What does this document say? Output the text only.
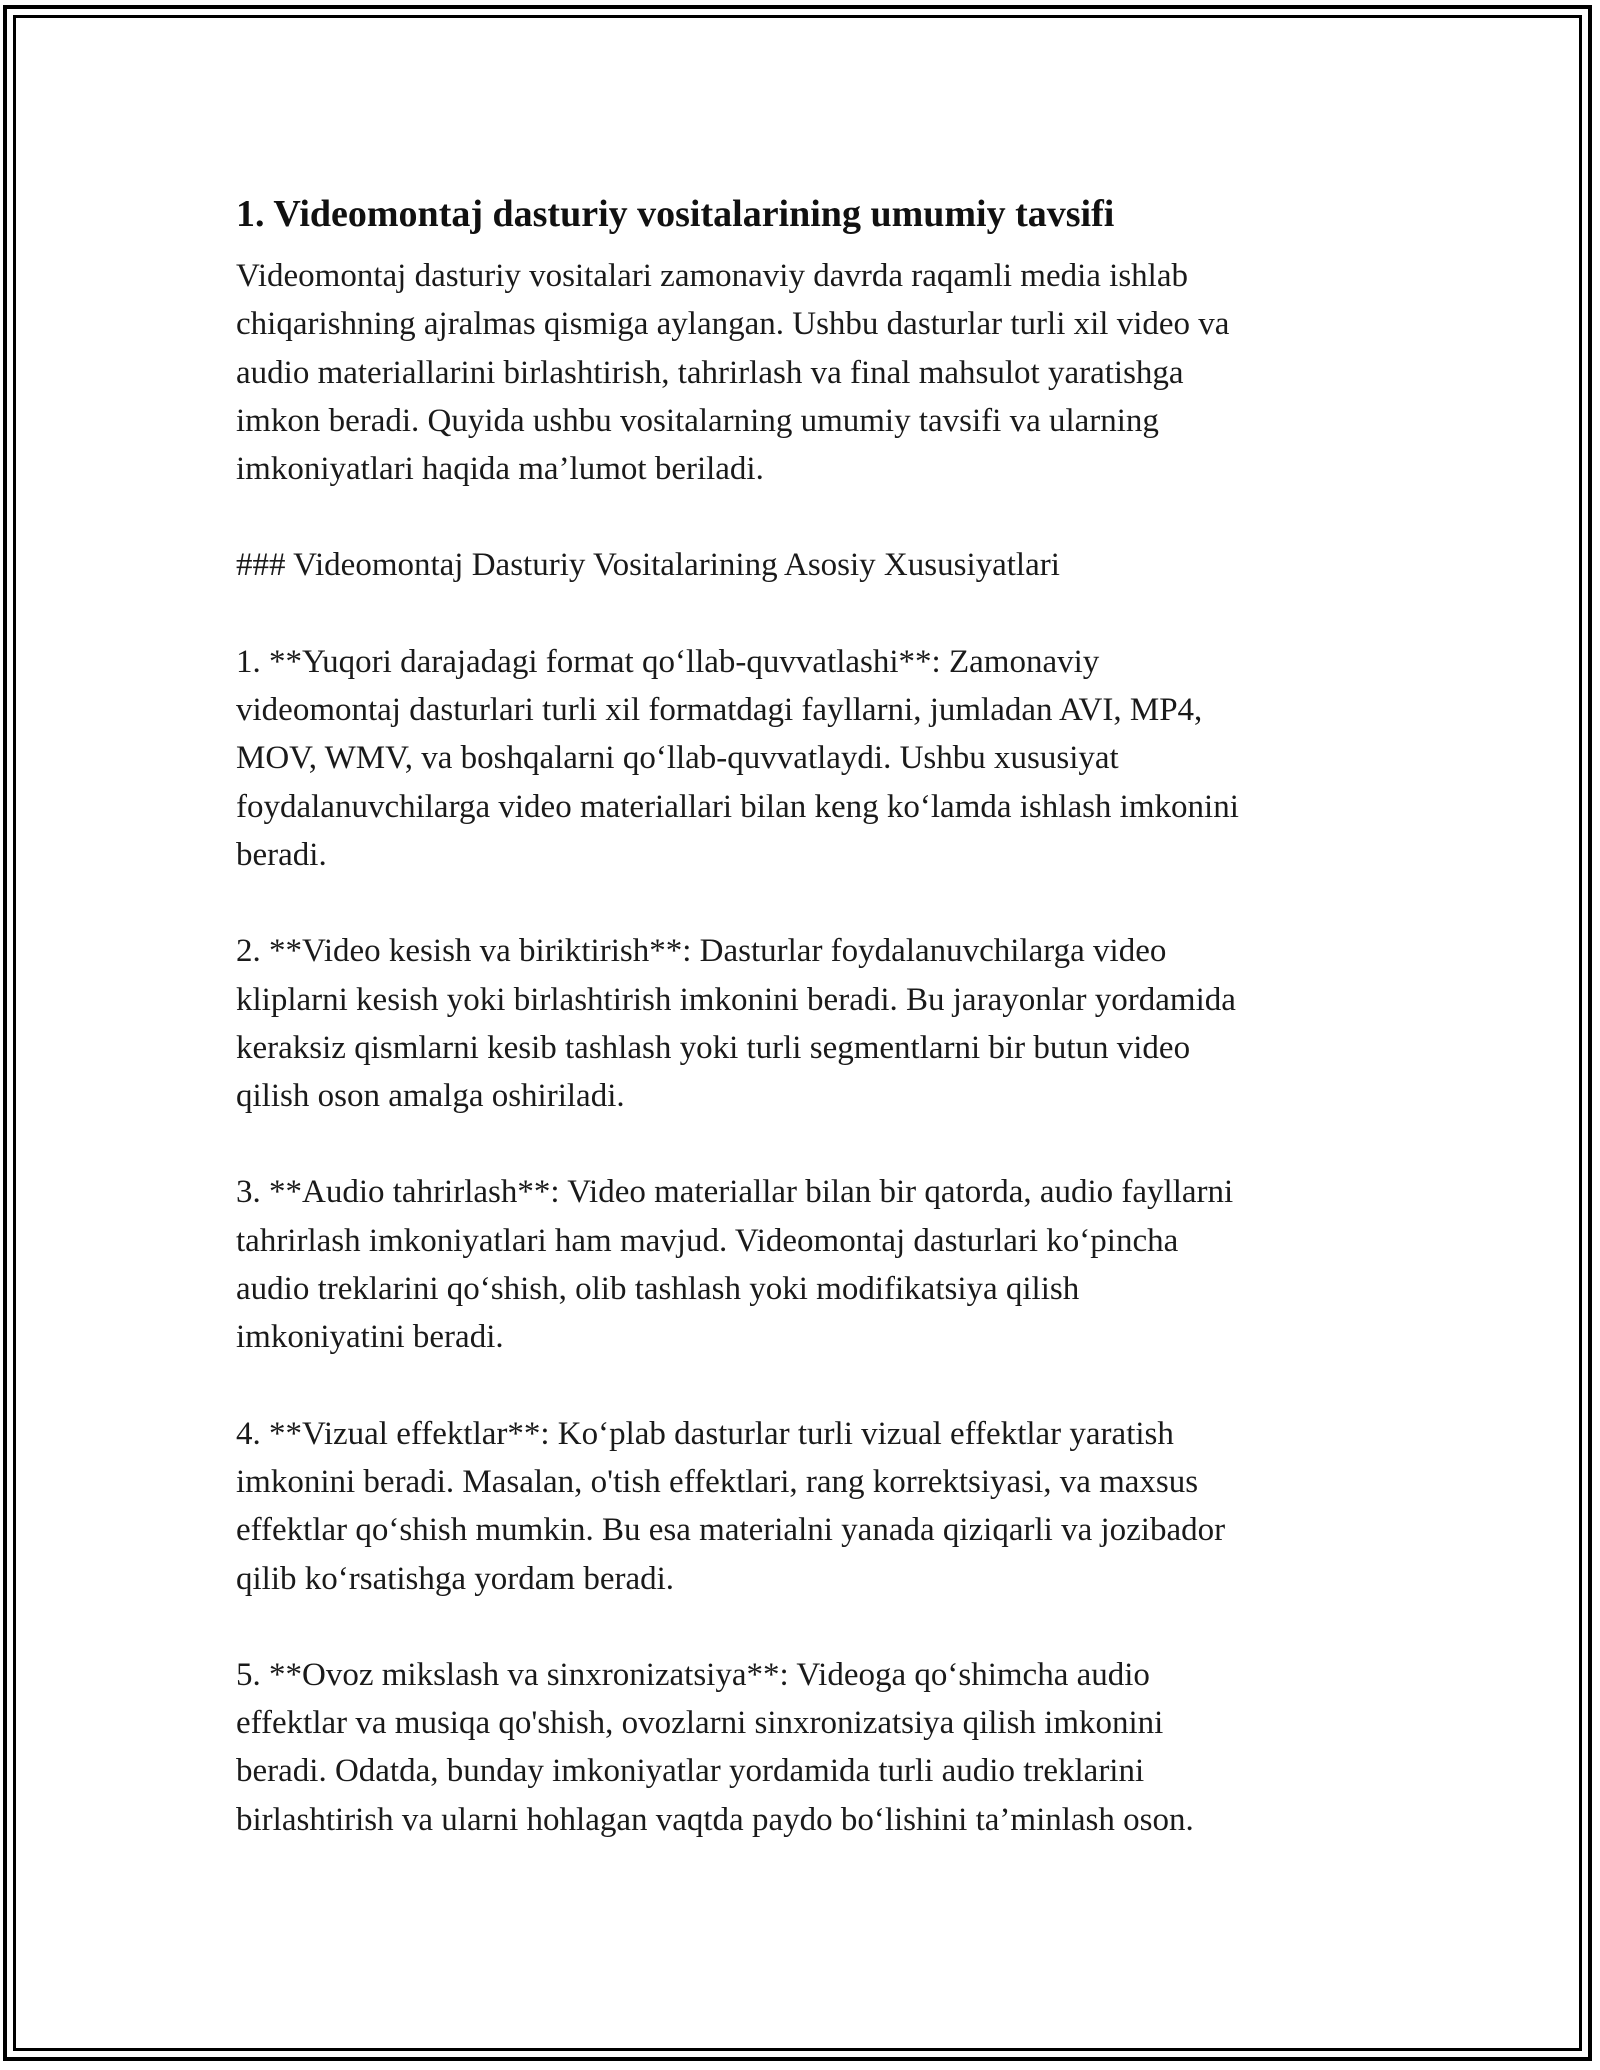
1. Videomontaj dasturiy vositalarining umumiy tavsifi

Videomontaj dasturiy vositalari zamonaviy davrda raqamli media ishlab
chiqarishning ajralmas qismiga aylangan. Ushbu dasturlar turli xil video va
audio materiallarini birlashtirish, tahrirlash va final mahsulot yaratishga
imkon beradi. Quyida ushbu vositalarning umumiy tavsifi va ularning
imkoniyatlari haqida ma’lumot beriladi.

### Videomontaj Dasturiy Vositalarining Asosiy Xususiyatlari

1. **Yuqori darajadagi format qo‘llab-quvvatlashi**: Zamonaviy
videomontaj dasturlari turli xil formatdagi fayllarni, jumladan AVI, MP4,
MOV, WMV, va boshqalarni qo‘llab-quvvatlaydi. Ushbu xususiyat
foydalanuvchilarga video materiallari bilan keng ko‘lamda ishlash imkonini
beradi.

2. **Video kesish va biriktirish**: Dasturlar foydalanuvchilarga video
kliplarni kesish yoki birlashtirish imkonini beradi. Bu jarayonlar yordamida
keraksiz qismlarni kesib tashlash yoki turli segmentlarni bir butun video
qilish oson amalga oshiriladi.

3. **Audio tahrirlash**: Video materiallar bilan bir qatorda, audio fayllarni
tahrirlash imkoniyatlari ham mavjud. Videomontaj dasturlari ko‘pincha
audio treklarini qo‘shish, olib tashlash yoki modifikatsiya qilish
imkoniyatini beradi.

4. **Vizual effektlar**: Ko‘plab dasturlar turli vizual effektlar yaratish
imkonini beradi. Masalan, o'tish effektlari, rang korrektsiyasi, va maxsus
effektlar qo‘shish mumkin. Bu esa materialni yanada qiziqarli va jozibador
qilib ko‘rsatishga yordam beradi.

5. **Ovoz mikslash va sinxronizatsiya**: Videoga qo‘shimcha audio
effektlar va musiqa qo'shish, ovozlarni sinxronizatsiya qilish imkonini
beradi. Odatda, bunday imkoniyatlar yordamida turli audio treklarini
birlashtirish va ularni hohlagan vaqtda paydo bo‘lishini ta’minlash oson.
